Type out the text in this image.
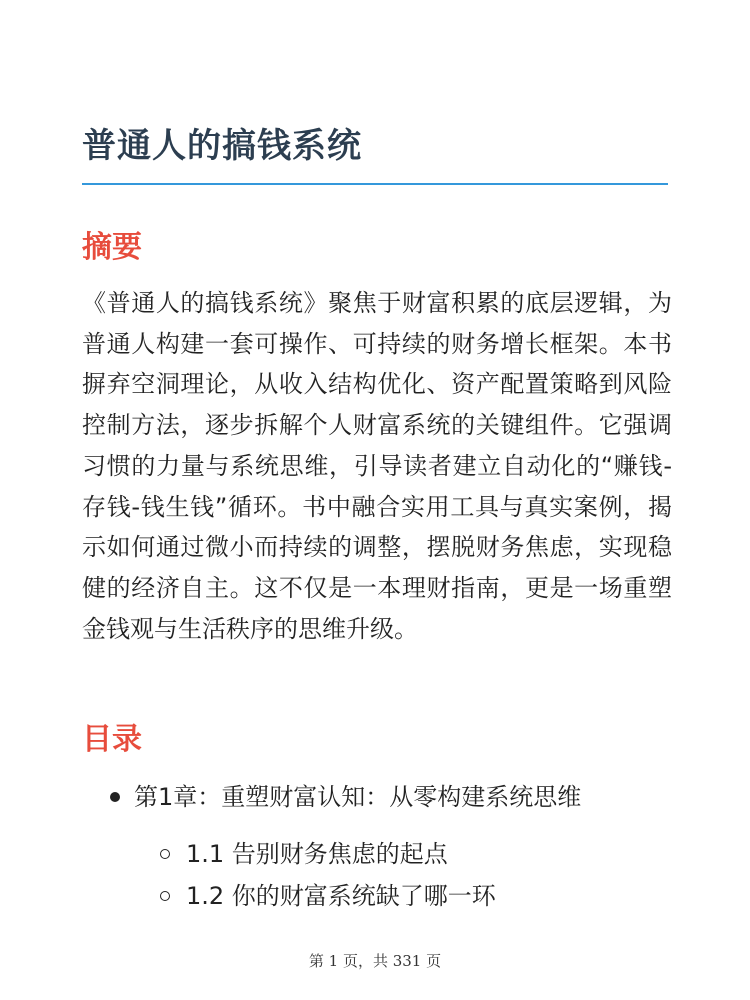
普通人的搞钱系统
摘要

《普通人的搞钱系统》聚焦于财富积累的底层逻辑，为普通人构建一套可操作、可持续的财务增长框架。本书摒弃空洞理论，从收入结构优化、资产配置策略到风险控制方法，逐步拆解个人财富系统的关键组件。它强调习惯的力量与系统思维，引导读者建立自动化的“赚钱-存钱-钱生钱”循环。书中融合实用工具与真实案例，揭示如何通过微小而持续的调整，摆脱财务焦虑，实现稳健的经济自主。这不仅是一本理财指南，更是一场重塑金钱观与生活秩序的思维升级。

目录
第1章：重塑财富认知：从零构建系统思维
1.1 告别财务焦虑的起点
1.2 你的财富系统缺了哪一环
第 1 页，共 331 页
